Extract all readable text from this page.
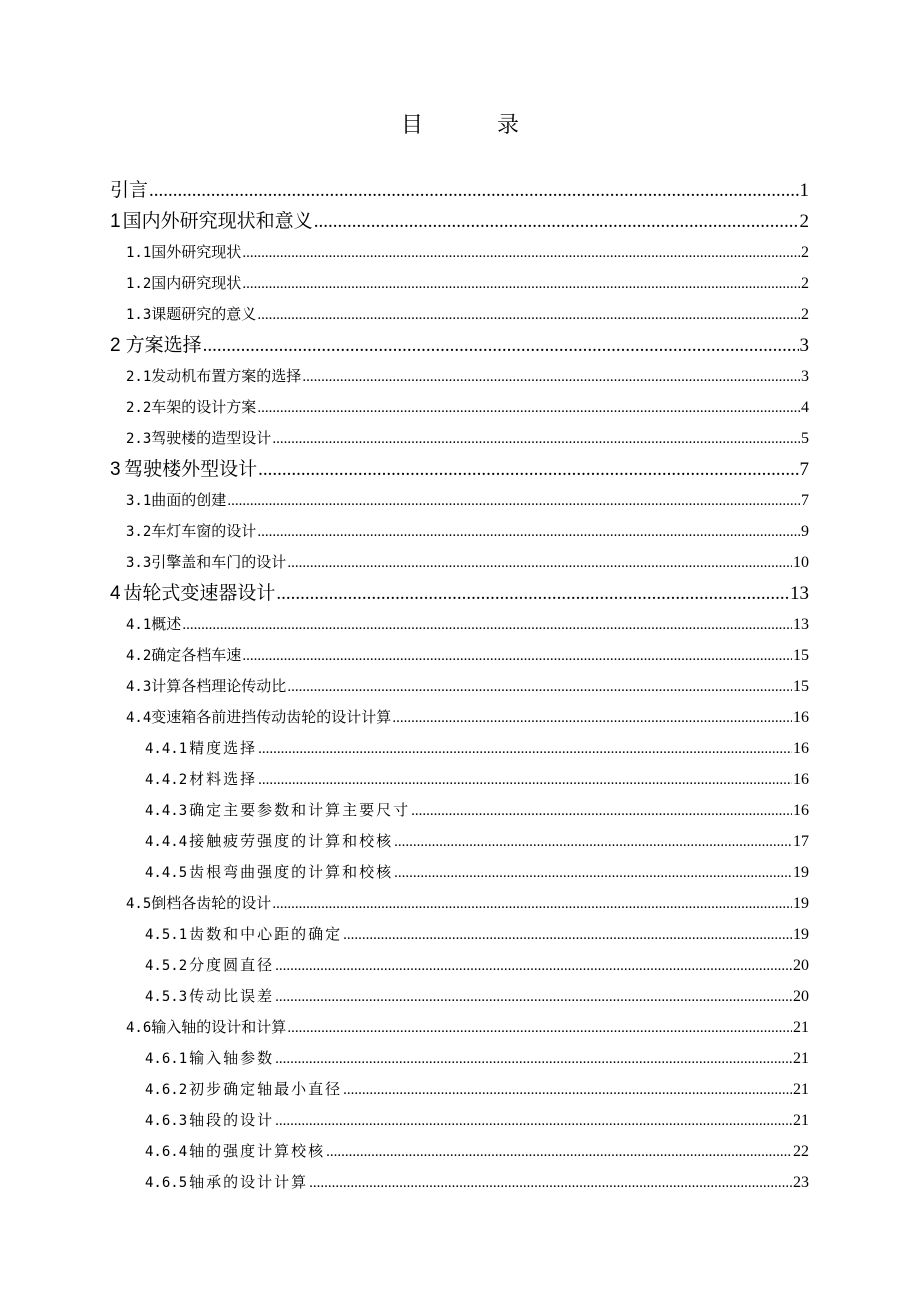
目　录
引言 .....	1
1 国内外研究现状和意义 .....	2
1.1 国外研究现状 .....	2
1.2 国内研究现状 .....	2
1.3 课题研究的意义 .....	2
2 方案选择 .....	3
2.1 发动机布置方案的选择 .....	3
2.2 车架的设计方案 .....	4
2.3 驾驶楼的造型设计 .....	5
3 驾驶楼外型设计 .....	7
3.1 曲面的创建 .....	7
3.2 车灯车窗的设计 .....	9
3.3 引擎盖和车门的设计 .....	10
4 齿轮式变速器设计 .....	13
4.1 概述 .....	13
4.2 确定各档车速 .....	15
4.3 计算各档理论传动比 .....	15
4.4 变速箱各前进挡传动齿轮的设计计算 .....	16
4.4.1 精度选择 .....	16
4.4.2 材料选择 .....	16
4.4.3 确定主要参数和计算主要尺寸 .....	16
4.4.4 接触疲劳强度的计算和校核 .....	17
4.4.5 齿根弯曲强度的计算和校核 .....	19
4.5 倒档各齿轮的设计 .....	19
4.5.1 齿数和中心距的确定 .....	19
4.5.2 分度圆直径 .....	20
4.5.3 传动比误差 .....	20
4.6 输入轴的设计和计算 .....	21
4.6.1 输入轴参数 .....	21
4.6.2 初步确定轴最小直径 .....	21
4.6.3 轴段的设计 .....	21
4.6.4 轴的强度计算校核 .....	22
4.6.5 轴承的设计计算 .....	23
